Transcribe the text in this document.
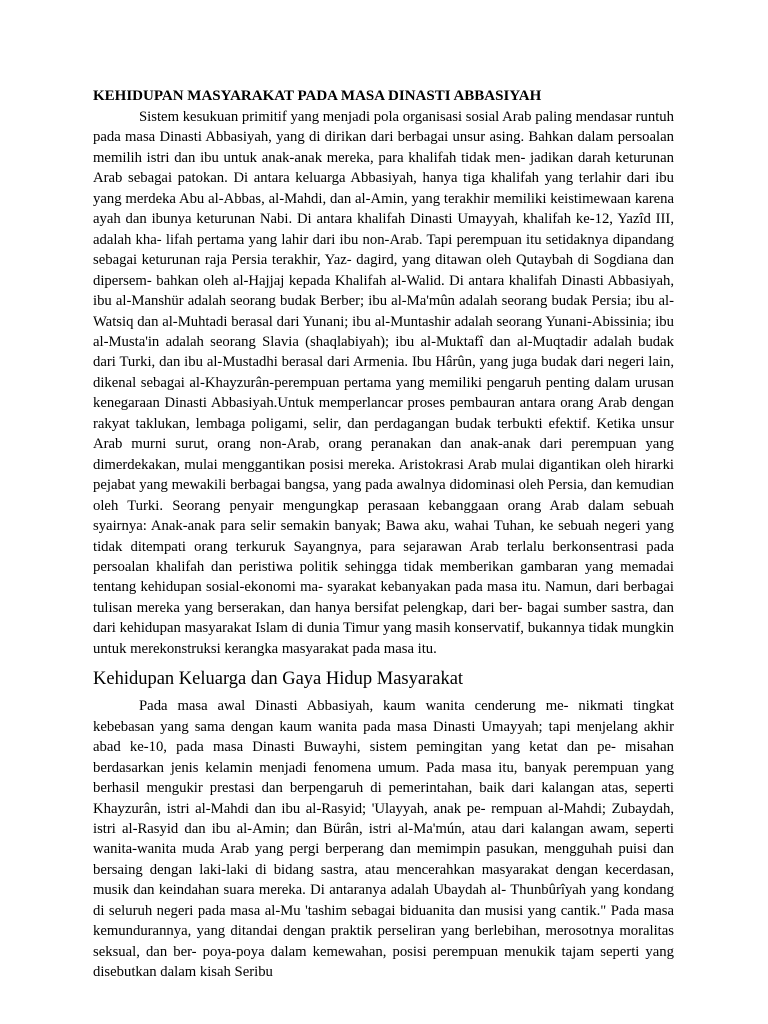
KEHIDUPAN MASYARAKAT PADA MASA DINASTI ABBASIYAH

Sistem kesukuan primitif yang menjadi pola organisasi sosial Arab paling mendasar runtuh pada masa Dinasti Abbasiyah, yang di dirikan dari berbagai unsur asing. Bahkan dalam persoalan memilih istri dan ibu untuk anak-anak mereka, para khalifah tidak men- jadikan darah keturunan Arab sebagai patokan. Di antara keluarga Abbasiyah, hanya tiga khalifah yang terlahir dari ibu yang merdeka Abu al-Abbas, al-Mahdi, dan al-Amin, yang terakhir memiliki keistimewaan karena ayah dan ibunya keturunan Nabi. Di antara khalifah Dinasti Umayyah, khalifah ke-12, Yazîd III, adalah kha- lifah pertama yang lahir dari ibu non-Arab. Tapi perempuan itu setidaknya dipandang sebagai keturunan raja Persia terakhir, Yaz- dagird, yang ditawan oleh Qutaybah di Sogdiana dan dipersem- bahkan oleh al-Hajjaj kepada Khalifah al-Walid. Di antara khalifah Dinasti Abbasiyah, ibu al-Manshür adalah seorang budak Berber; ibu al-Ma'mûn adalah seorang budak Persia; ibu al-Watsiq dan al-Muhtadi berasal dari Yunani; ibu al-Muntashir adalah seorang Yunani-Abissinia; ibu al-Musta'in adalah seorang Slavia (shaqlabiyah); ibu al-Muktafî dan al-Muqtadir adalah budak dari Turki, dan ibu al-Mustadhi berasal dari Armenia. Ibu Hârûn, yang juga budak dari negeri lain, dikenal sebagai al-Khayzurân-perempuan pertama yang memiliki pengaruh penting dalam urusan kenegaraan Dinasti Abbasiyah.Untuk memperlancar proses pembauran antara orang Arab dengan rakyat taklukan, lembaga poligami, selir, dan perdagangan budak terbukti efektif. Ketika unsur Arab murni surut, orang non-Arab, orang peranakan dan anak-anak dari perempuan yang dimerdekakan, mulai menggantikan posisi mereka. Aristokrasi Arab mulai digantikan oleh hirarki pejabat yang mewakili berbagai bangsa, yang pada awalnya didominasi oleh Persia, dan kemudian oleh Turki. Seorang penyair mengungkap perasaan kebanggaan orang Arab dalam sebuah syairnya: Anak-anak para selir semakin banyak; Bawa aku, wahai Tuhan, ke sebuah negeri yang tidak ditempati orang terkuruk Sayangnya, para sejarawan Arab terlalu berkonsentrasi pada persoalan khalifah dan peristiwa politik sehingga tidak memberikan gambaran yang memadai tentang kehidupan sosial-ekonomi ma- syarakat kebanyakan pada masa itu. Namun, dari berbagai tulisan mereka yang berserakan, dan hanya bersifat pelengkap, dari ber- bagai sumber sastra, dan dari kehidupan masyarakat Islam di dunia Timur yang masih konservatif, bukannya tidak mungkin untuk merekonstruksi kerangka masyarakat pada masa itu.

Kehidupan Keluarga dan Gaya Hidup Masyarakat

Pada masa awal Dinasti Abbasiyah, kaum wanita cenderung me- nikmati tingkat kebebasan yang sama dengan kaum wanita pada masa Dinasti Umayyah; tapi menjelang akhir abad ke-10, pada masa Dinasti Buwayhi, sistem pemingitan yang ketat dan pe- misahan berdasarkan jenis kelamin menjadi fenomena umum. Pada masa itu, banyak perempuan yang berhasil mengukir prestasi dan berpengaruh di pemerintahan, baik dari kalangan atas, seperti Khayzurân, istri al-Mahdi dan ibu al-Rasyid; 'Ulayyah, anak pe- rempuan al-Mahdi; Zubaydah, istri al-Rasyid dan ibu al-Amin; dan Bürân, istri al-Ma'mún, atau dari kalangan awam, seperti wanita-wanita muda Arab yang pergi berperang dan memimpin pasukan, mengguhah puisi dan bersaing dengan laki-laki di bidang sastra, atau mencerahkan masyarakat dengan kecerdasan, musik dan keindahan suara mereka. Di antaranya adalah Ubaydah al- Thunbûrîyah yang kondang di seluruh negeri pada masa al-Mu 'tashim sebagai biduanita dan musisi yang cantik." Pada masa kemundurannya, yang ditandai dengan praktik perseliran yang berlebihan, merosotnya moralitas seksual, dan ber- poya-poya dalam kemewahan, posisi perempuan menukik tajam seperti yang disebutkan dalam kisah Seribu
